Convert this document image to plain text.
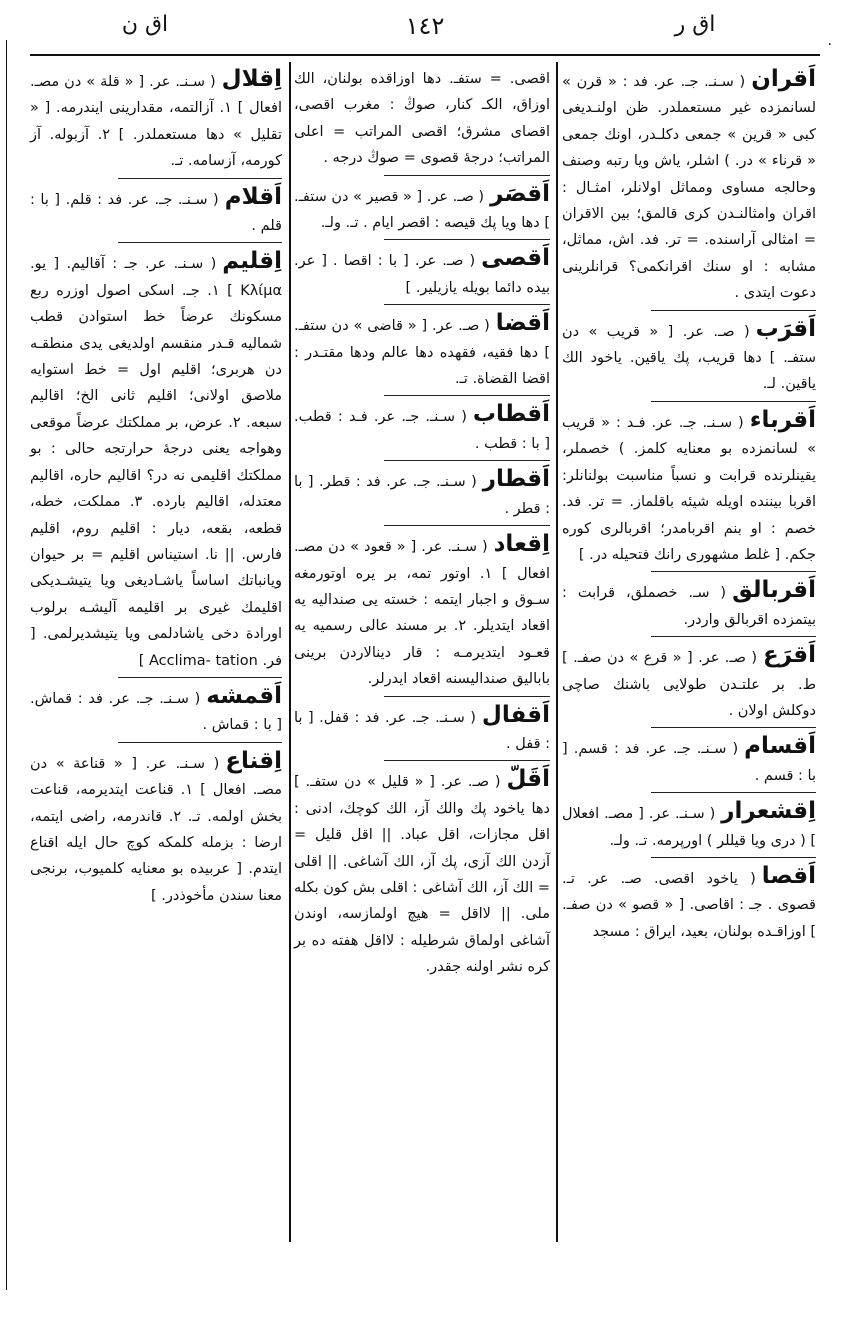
اق ر
١٤٢
اق ن
٠
اَقران( سـنـ. جـ. عر. فد : « قرن » لسانمزده غير مستعملدر. ظن اولنـديغى كبى « قرين » جمعى دكلـدر، اونك جمعى « قرناء » در. ) اشلر، ياش ويا رتبه وصنف وحالجه مساوى ومماثل اولانلر، امثـال : اقران وامثالنـدن كرى قالمق؛ بين الاقران = امثالى آراسنده. = تر. فد. اش، مماثل، مشابه : او سنك اقرانكمى؟ قرانلرينى دعوت ايتدى .
اَقرَب( صـ. عر. [ « قريب » دن ستفـ. ] دها قريب، پك ياقين. ياخود الك ياقين. لـ.
اَقرباء( سـنـ. جـ. عر. فـد : « قريب » لسانمزده بو معنايه كلمز. ) خصملر، يقينلرنده قرابت و نسباً مناسبت بولنانلر: اقربا بيننده اويله شيئه باقلماز. = تر. فد. خصم : او بنم اقربامدر؛ اقربالرى كوره جكم. [ غلط مشهورى رانك فتحيله در. ]
اَقربالق( سـ. خصملق، قرابت : بيتمزده اقربالق واردر.
اَقرَع( صـ. عر. [ « قرع » دن صفـ. ] ط. بر علتـدن طولايى باشنك صاچى دوكلش اولان .
اَقسام( سـنـ. جـ. عر. فد : قسم. [ با : قسم .
اِقشعرار( سـنـ. عر. [ مصـ. افعلال ] ( درى ويا قيللر ) اورپرمه. تـ. ولـ.
اَقصا( ياخود اقصى. صـ. عر. تـ. قصوى . جـ : اقاصى. [ « قصو » دن صفـ. ] اوزاقـده بولنان، بعيد، ايراق : مسجد
اقصى. = ستفـ. دها اوزاقده بولنان، الك اوزاق، الكـ كنار، صوڭ : مغرب اقصى، اقصاى مشرق؛ اقصى المراتب = اعلى المراتب؛ درجهٔ قصوى = صوڭ درجه .
اَقصَر( صـ. عر. [ « قصير » دن ستفـ. ] دها ويا پك قيصه : اقصر ايام . تـ. ولـ.
اَقصى( صـ. عر. [ با : اقصا . [ عر. بيده دائما بويله يازيلير. ]
اَقضا( صـ. عر. [ « قاضى » دن ستفـ. ] دها فقيه، فقهده دها عالم ودها مقتـدر : اقضا القضاة. تـ.
اَقطاب( سـنـ. جـ. عر. فـد : قطب. [ با : قطب .
اَقطار( سـنـ. جـ. عر. فد : قطر. [ با : قطر .
اِقعاد( سـنـ. عر. [ « قعود » دن مصـ. افعال ] ١. اوتور تمه، بر يره اوتورمغه سـوق و اجبار ايتمه : خسته يى صنداليه يه اقعاد ايتديلر. ٢. بر مسند عالى رسميه يه قعـود ايتديرمـه : قار دينالاردن برينى باباليق صنداليسنه اقعاد ايدرلر.
اَقفال( سـنـ. جـ. عر. فد : قفل. [ با : قفل .
اَقَلّ( صـ. عر. [ « قليل » دن ستفـ. ] دها ياخود پك والك آز، الك كوچك، ادنى : اقل مجازات، اقل عباد. || اقل قليل = آزدن الك آزى، پك آز، الك آشاغى. || اقلى = الك آز، الك آشاغى : اقلى بش كون بكله ملى. || لااقل = هيچ اولمازسه، اوندن آشاغى اولماق شرطيله : لااقل هفته ده بر كره نشر اولنه جقدر.
اِقلال( سـنـ. عر. [ « قلة » دن مصـ. افعال ] ١. آزالتمه، مقدارينى ايندرمه. [ « تقليل » دها مستعملدر. ] ٢. آزبوله. آز كورمه، آزسامه. تـ.
اَقلام( سـنـ. جـ. عر. فد : قلم. [ با : قلم .
اِقليم( سـنـ. عر. جـ : آقاليم. [ يو. Κλίμα ] ١. جـ. اسكى اصول اوزره ربع مسكونك عرضاً خط استوادن قطب شماليه قـدر منقسم اولديغى يدى منطقـه دن هربرى؛ اقليم اول = خط استوايه ملاصق اولانى؛ اقليم ثانى الخ؛ اقاليم سبعه. ٢. عرض، بر مملكتك عرضاً موقعى وهواجه يعنى درجهٔ حرارتجه حالى : بو مملكتك اقليمى نه در؟ اقاليم حاره، اقاليم معتدله، اقاليم بارده. ٣. مملكت، خطه، قطعه، بقعه، ديار : اقليم روم، اقليم فارس. || نا. استيناس اقليم = بر حيوان ويانباتك اساساً ياشـاديغى ويا يتيشـديكى اقليمك غيرى بر اقليمه آليشـه برلوب اورادة دخى ياشادلمى ويا يتيشديرلمى. [ فر. Acclima- tation ]
اَقمشه( سـنـ. جـ. عر. فد : قماش. [ با : قماش .
اِقناع( سـنـ. عر. [ « قناعة » دن مصـ. افعال ] ١. قناعت ايتديرمه، قناعت بخش اولمه. تـ. ٢. قاندرمه، راضى ايتمه، ارضا : بزمله كلمكه كوچ حال ايله اقناع ايتدم. [ عربيده بو معنايه كلميوب، برنجى معنا سندن مأخوذدر. ]
